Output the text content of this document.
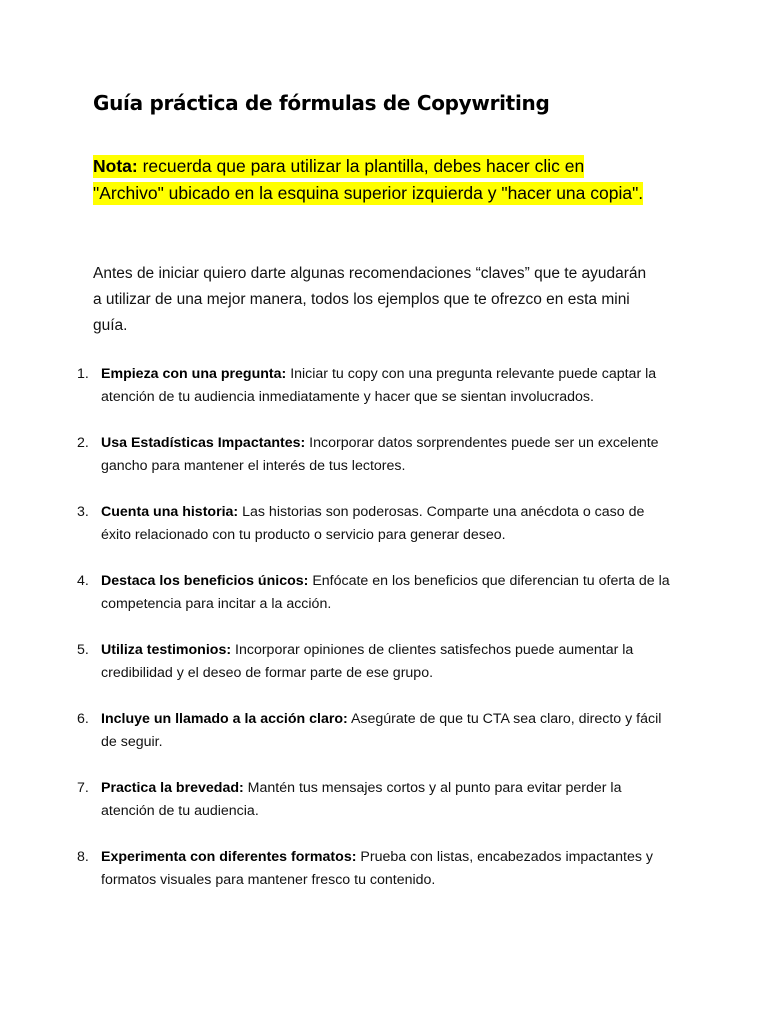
Guía práctica de fórmulas de Copywriting

Nota: recuerda que para utilizar la plantilla, debes hacer clic en "Archivo" ubicado en la esquina superior izquierda y "hacer una copia".

Antes de iniciar quiero darte algunas recomendaciones “claves” que te ayudarán a utilizar de una mejor manera, todos los ejemplos que te ofrezco en esta mini guía.

1. Empieza con una pregunta: Iniciar tu copy con una pregunta relevante puede captar la atención de tu audiencia inmediatamente y hacer que se sientan involucrados.
2. Usa Estadísticas Impactantes: Incorporar datos sorprendentes puede ser un excelente gancho para mantener el interés de tus lectores.
3. Cuenta una historia: Las historias son poderosas. Comparte una anécdota o caso de éxito relacionado con tu producto o servicio para generar deseo.
4. Destaca los beneficios únicos: Enfócate en los beneficios que diferencian tu oferta de la competencia para incitar a la acción.
5. Utiliza testimonios: Incorporar opiniones de clientes satisfechos puede aumentar la credibilidad y el deseo de formar parte de ese grupo.
6. Incluye un llamado a la acción claro: Asegúrate de que tu CTA sea claro, directo y fácil de seguir.
7. Practica la brevedad: Mantén tus mensajes cortos y al punto para evitar perder la atención de tu audiencia.
8. Experimenta con diferentes formatos: Prueba con listas, encabezados impactantes y formatos visuales para mantener fresco tu contenido.
